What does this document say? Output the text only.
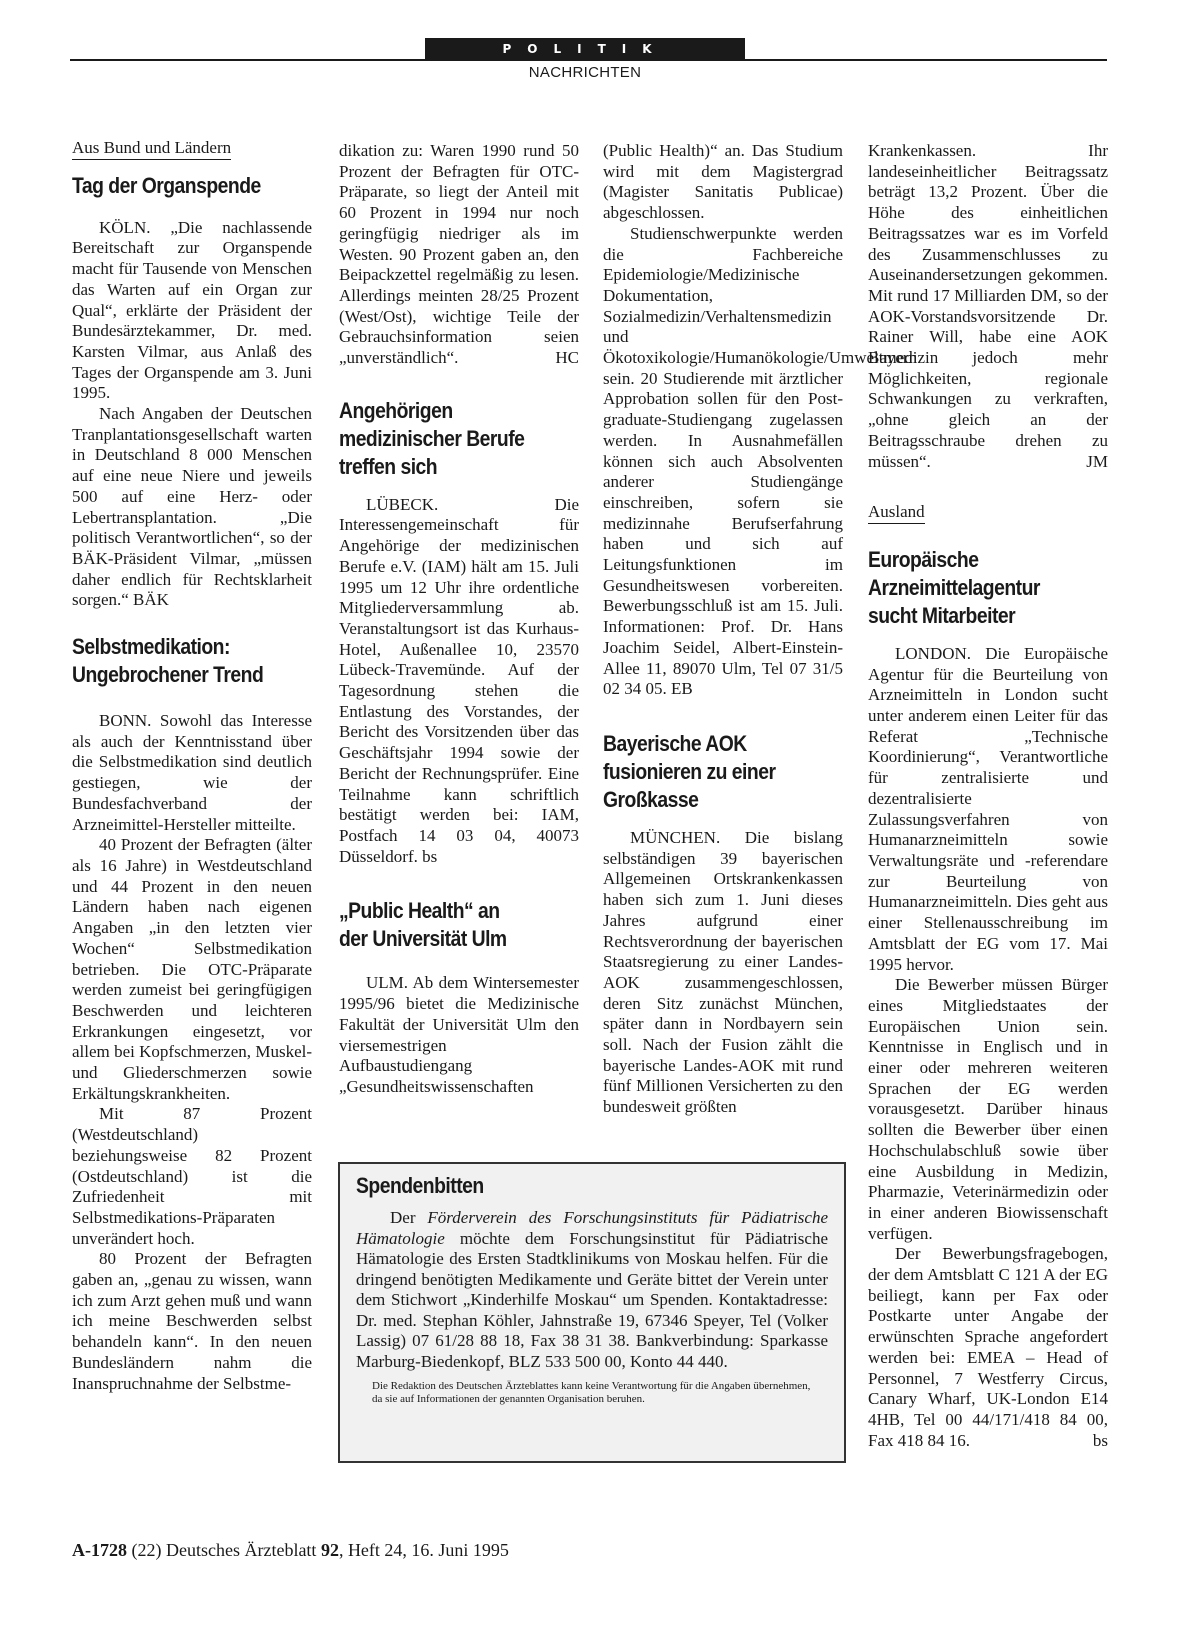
POLITIK
NACHRICHTEN
Aus Bund und Ländern
Tag der Organspende

KÖLN. „Die nachlassende Bereitschaft zur Organspende macht für Tausende von Menschen das Warten auf ein Organ zur Qual“, erklärte der Präsident der Bundesärztekammer, Dr. med. Karsten Vilmar, aus Anlaß des Tages der Organspende am 3. Juni 1995.

Nach Angaben der Deutschen Tranplantationsgesellschaft warten in Deutschland 8 000 Menschen auf eine neue Niere und jeweils 500 auf eine Herz- oder Lebertransplantation. „Die politisch Verantwortlichen“, so der BÄK-Präsident Vilmar, „müssen daher endlich für Rechtsklarheit sorgen.“ BÄK

Selbstmedikation:
Ungebrochener Trend

BONN. Sowohl das Interesse als auch der Kenntnisstand über die Selbstmedikation sind deutlich gestiegen, wie der Bundesfachverband der Arzneimittel-Hersteller mitteilte.

40 Prozent der Befragten (älter als 16 Jahre) in Westdeutschland und 44 Prozent in den neuen Ländern haben nach eigenen Angaben „in den letzten vier Wochen“ Selbstmedikation betrieben. Die OTC-Präparate werden zumeist bei geringfügigen Beschwerden und leichteren Erkrankungen eingesetzt, vor allem bei Kopfschmerzen, Muskel- und Gliederschmerzen sowie Erkältungskrankheiten.

Mit 87 Prozent (Westdeutschland) beziehungsweise 82 Prozent (Ostdeutschland) ist die Zufriedenheit mit Selbstmedikations-Präparaten unverändert hoch.

80 Prozent der Befragten gaben an, „genau zu wissen, wann ich zum Arzt gehen muß und wann ich meine Beschwerden selbst behandeln kann“. In den neuen Bundesländern nahm die Inanspruchnahme der Selbstme-

dikation zu: Waren 1990 rund 50 Prozent der Befragten für OTC-Präparate, so liegt der Anteil mit 60 Prozent in 1994 nur noch geringfügig niedriger als im Westen. 90 Prozent gaben an, den Beipackzettel regelmäßig zu lesen. Allerdings meinten 28/25 Prozent (West/Ost), wichtige Teile der Gebrauchsinformation seien „unverständlich“.	HC

Angehörigen
medizinischer Berufe
treffen sich

LÜBECK. Die Interessengemeinschaft für Angehörige der medizinischen Berufe e.V. (IAM) hält am 15. Juli 1995 um 12 Uhr ihre ordentliche Mitgliederversammlung ab. Veranstaltungsort ist das Kurhaus-Hotel, Außenallee 10, 23570 Lübeck-Travemünde. Auf der Tagesordnung stehen die Entlastung des Vorstandes, der Bericht des Vorsitzenden über das Geschäftsjahr 1994 sowie der Bericht der Rechnungsprüfer. Eine Teilnahme kann schriftlich bestätigt werden bei: IAM, Postfach 14 03 04, 40073 Düsseldorf. bs

„Public Health“ an
der Universität Ulm

ULM. Ab dem Wintersemester 1995/96 bietet die Medizinische Fakultät der Universität Ulm den viersemestrigen Aufbaustudiengang „Gesundheitswissenschaften

(Public Health)“ an. Das Studium wird mit dem Magistergrad (Magister Sanitatis Publicae) abgeschlossen.

Studienschwerpunkte werden die Fachbereiche Epidemiologie/Medizinische Dokumentation, Sozialmedizin/Verhaltensmedizin und Ökotoxikologie/Humanökologie/Umweltmedizin sein. 20 Studierende mit ärztlicher Approbation sollen für den Post-graduate-Studiengang zugelassen werden. In Ausnahmefällen können sich auch Absolventen anderer Studiengänge einschreiben, sofern sie medizinnahe Berufserfahrung haben und sich auf Leitungsfunktionen im Gesundheitswesen vorbereiten. Bewerbungsschluß ist am 15. Juli. Informationen: Prof. Dr. Hans Joachim Seidel, Albert-Einstein-Allee 11, 89070 Ulm, Tel 07 31/5 02 34 05. EB

Bayerische AOK
fusionieren zu einer
Großkasse

MÜNCHEN. Die bislang selbständigen 39 bayerischen Allgemeinen Ortskrankenkassen haben sich zum 1. Juni dieses Jahres aufgrund einer Rechtsverordnung der bayerischen Staatsregierung zu einer Landes-AOK zusammengeschlossen, deren Sitz zunächst München, später dann in Nordbayern sein soll. Nach der Fusion zählt die bayerische Landes-AOK mit rund fünf Millionen Versicherten zu den bundesweit größten

Krankenkassen. Ihr landeseinheitlicher Beitragssatz beträgt 13,2 Prozent. Über die Höhe des einheitlichen Beitragssatzes war es im Vorfeld des Zusammenschlusses zu Auseinandersetzungen gekommen. Mit rund 17 Milliarden DM, so der AOK-Vorstandsvorsitzende Dr. Rainer Will, habe eine AOK Bayern jedoch mehr Möglichkeiten, regionale Schwankungen zu verkraften, „ohne gleich an der Beitragsschraube drehen zu müssen“.	JM

Ausland
Europäische
Arzneimittelagentur
sucht Mitarbeiter

LONDON. Die Europäische Agentur für die Beurteilung von Arzneimitteln in London sucht unter anderem einen Leiter für das Referat „Technische Koordinierung“, Verantwortliche für zentralisierte und dezentralisierte Zulassungsverfahren von Humanarzneimitteln sowie Verwaltungsräte und -referendare zur Beurteilung von Humanarzneimitteln. Dies geht aus einer Stellenausschreibung im Amtsblatt der EG vom 17. Mai 1995 hervor.

Die Bewerber müssen Bürger eines Mitgliedstaates der Europäischen Union sein. Kenntnisse in Englisch und in einer oder mehreren weiteren Sprachen der EG werden vorausgesetzt. Darüber hinaus sollten die Bewerber über einen Hochschulabschluß sowie über eine Ausbildung in Medizin, Pharmazie, Veterinärmedizin oder in einer anderen Biowissenschaft verfügen.

Der Bewerbungsfragebogen, der dem Amtsblatt C 121 A der EG beiliegt, kann per Fax oder Postkarte unter Angabe der erwünschten Sprache angefordert werden bei: EMEA – Head of Personnel, 7 Westferry Circus, Canary Wharf, UK-London E14 4HB, Tel 00 44/171/418 84 00, Fax 418 84 16.	bs

Spendenbitten
Der Förderverein des Forschungsinstituts für Pädiatrische Hämatologie möchte dem Forschungsinstitut für Pädiatrische Hämatologie des Ersten Stadtklinikums von Moskau helfen. Für die dringend benötigten Medikamente und Geräte bittet der Verein unter dem Stichwort „Kinderhilfe Moskau“ um Spenden. Kontaktadresse: Dr. med. Stephan Köhler, Jahnstraße 19, 67346 Speyer, Tel (Volker Lassig) 07 61/28 88 18, Fax 38 31 38. Bankverbindung: Sparkasse Marburg-Biedenkopf, BLZ 533 500 00, Konto 44 440.
Die Redaktion des Deutschen Ärzteblattes kann keine Verantwortung für die Angaben übernehmen, da sie auf Informationen der genannten Organisation beruhen.
A-1728 (22) Deutsches Ärzteblatt 92, Heft 24, 16. Juni 1995
